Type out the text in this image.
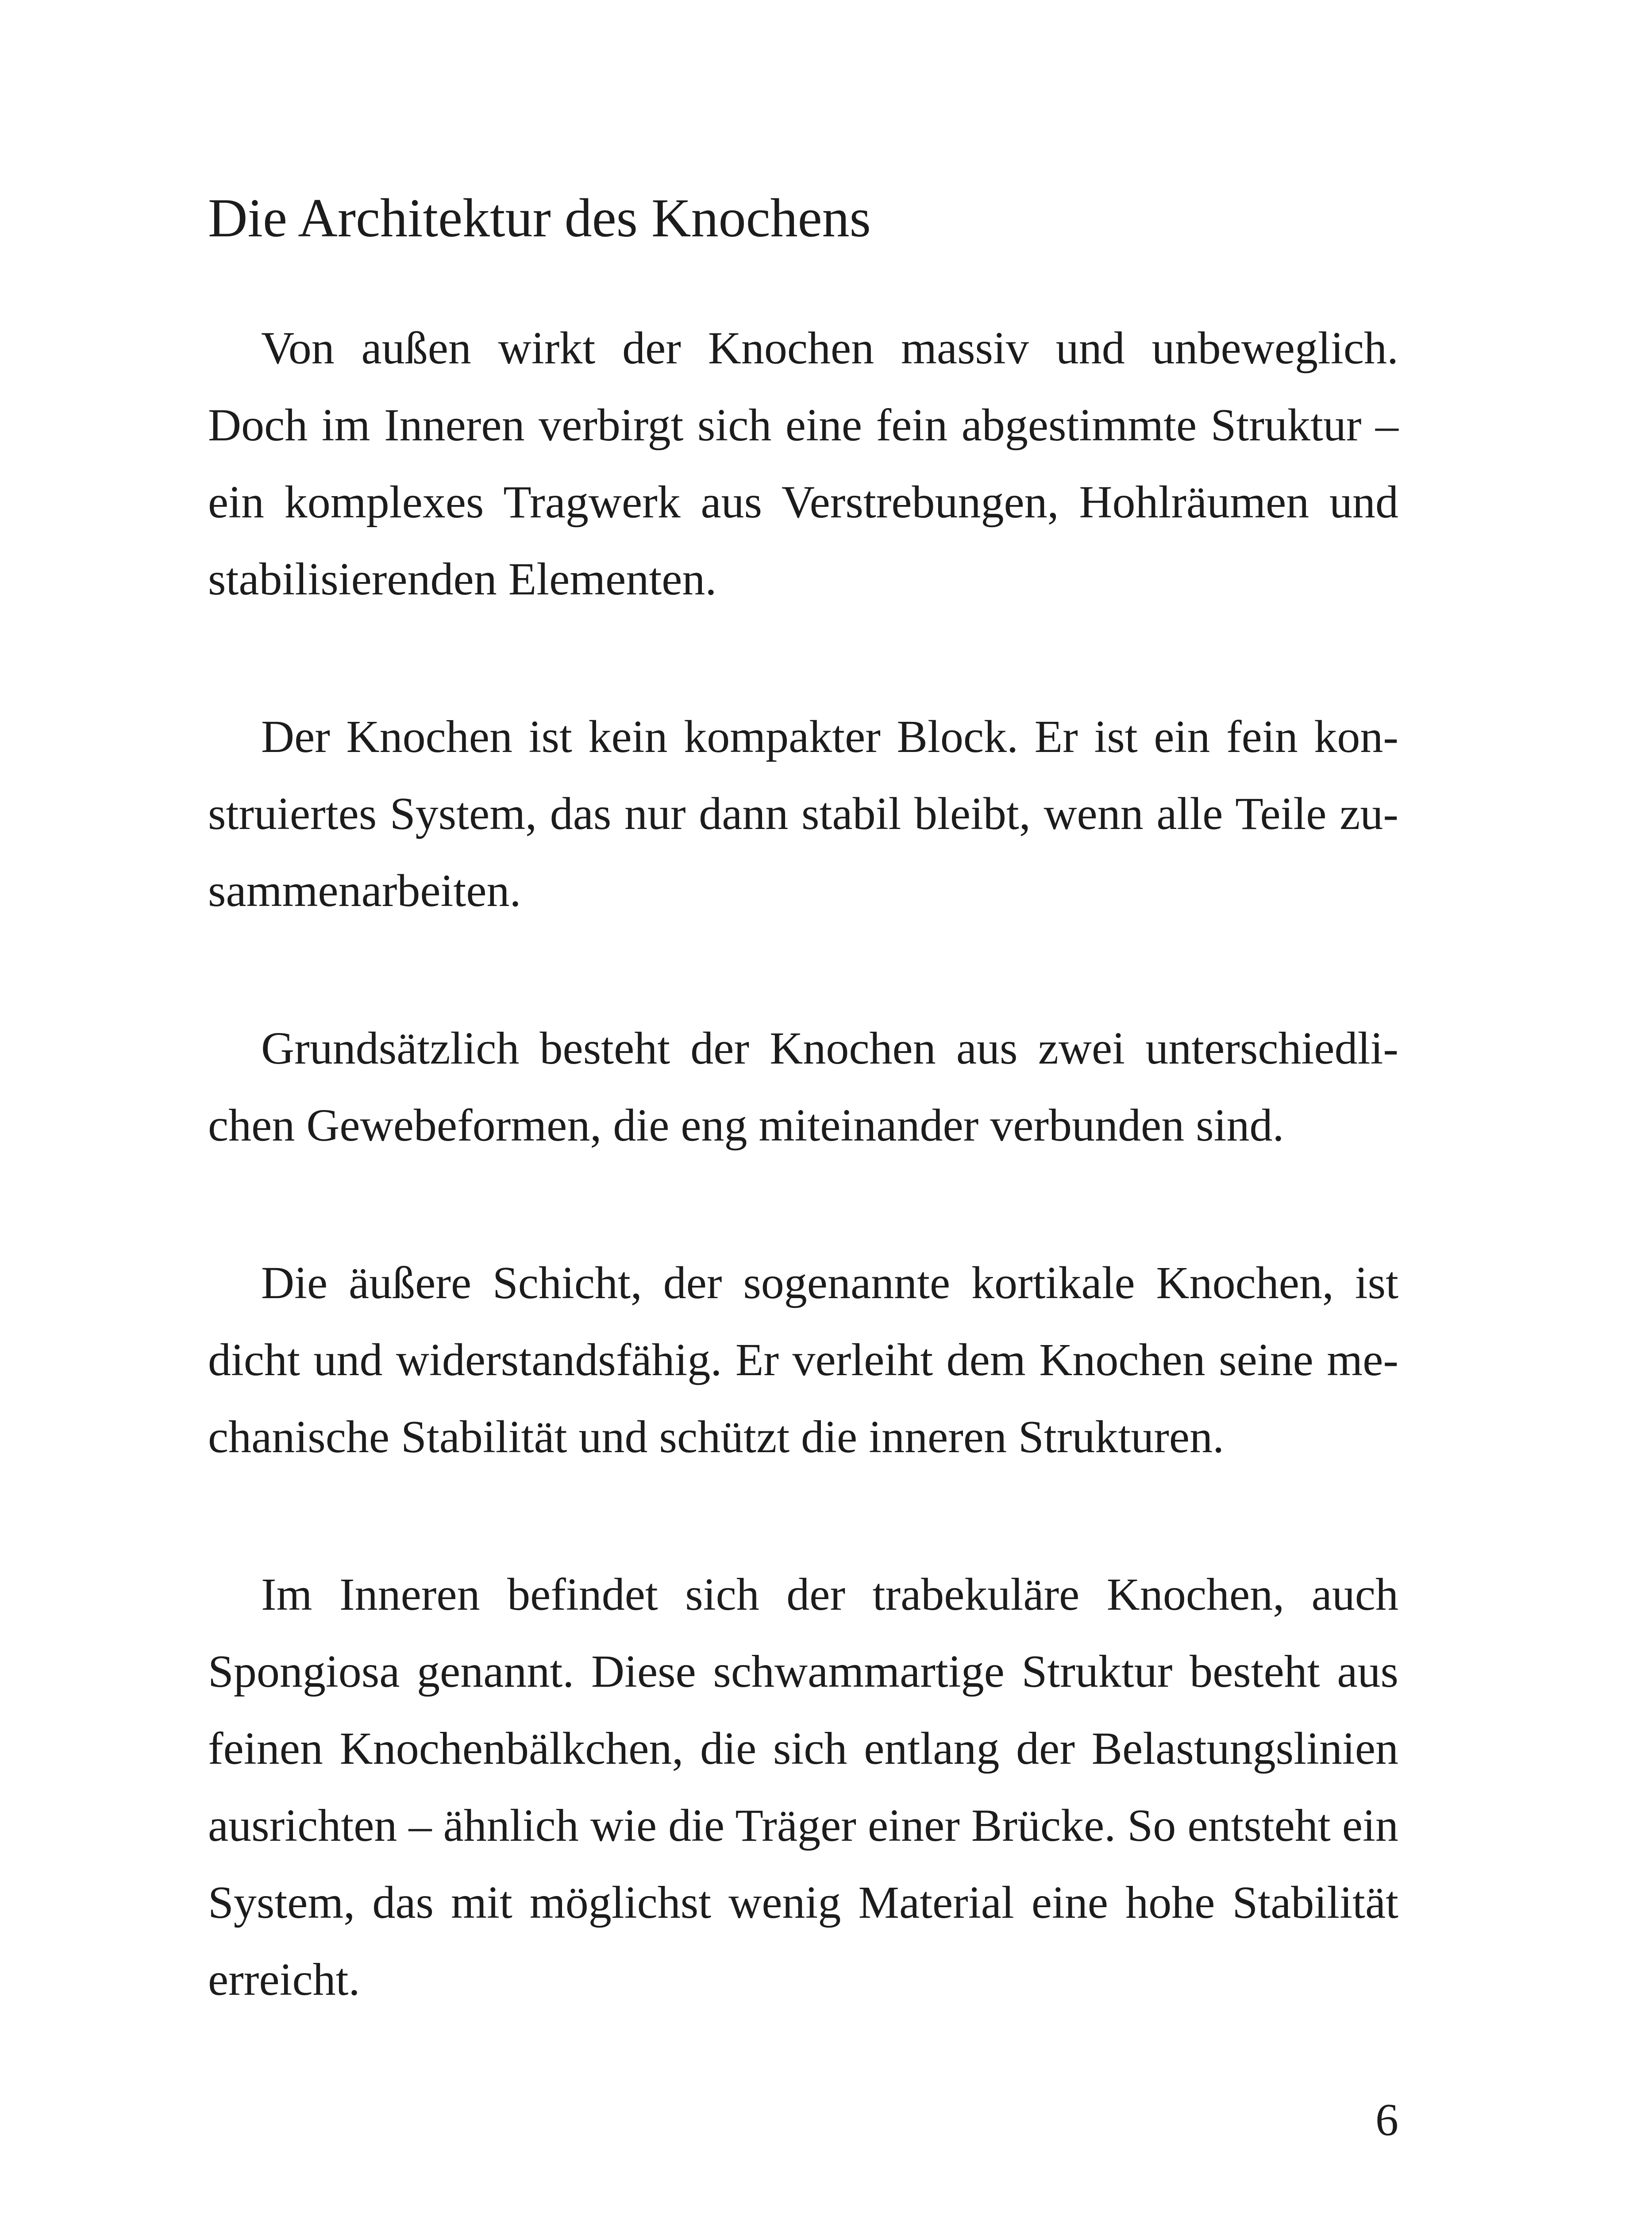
Die Architektur des Knochens

Von außen wirkt der Knochen massiv und unbeweglich. Doch im Inneren verbirgt sich eine fein abgestimmte Struktur – ein komplexes Tragwerk aus Verstrebungen, Hohlräumen und stabilisierenden Elementen.

Der Knochen ist kein kompakter Block. Er ist ein fein konstruiertes System, das nur dann stabil bleibt, wenn alle Teile zusammenarbeiten.

Grundsätzlich besteht der Knochen aus zwei unterschiedlichen Gewebeformen, die eng miteinander verbunden sind.

Die äußere Schicht, der sogenannte kortikale Knochen, ist dicht und widerstandsfähig. Er verleiht dem Knochen seine mechanische Stabilität und schützt die inneren Strukturen.

Im Inneren befindet sich der trabekuläre Knochen, auch Spongiosa genannt. Diese schwammartige Struktur besteht aus feinen Knochenbälkchen, die sich entlang der Belastungslinien ausrichten – ähnlich wie die Träger einer Brücke. So entsteht ein System, das mit möglichst wenig Material eine hohe Stabilität erreicht.

6
